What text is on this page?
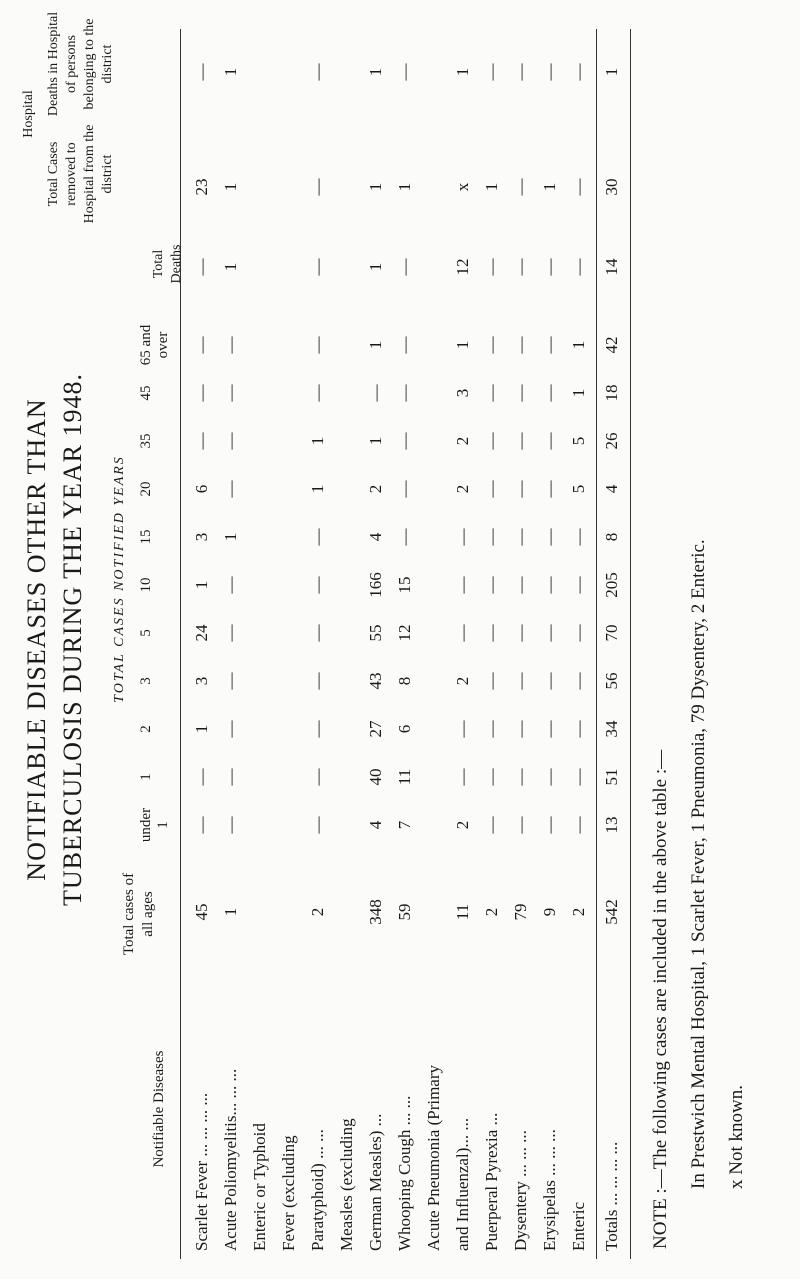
NOTIFIABLE DISEASES OTHER THAN TUBERCULOSIS DURING THE YEAR 1948.
Notifiable Diseases
Total cases of all ages
TOTAL CASES NOTIFIED YEARS
under 1
1
2
3
5
10
15
20
35
45
65 and over
Total Deaths
Hospital
Total Cases removed to Hospital from the district
Deaths in Hospital of persons belonging to the district
Scarlet Fever ... ... ... ...
45
—
—
1
3
24
1
3
6
—
—
—
—
23
—
Acute Poliomyelitis... ... ...
1
—
—
—
—
—
—
1
—
—
—
—
1
1
1
Enteric or Typhoid Fever (excluding Paratyphoid) ... ...
2
—
—
—
—
—
—
—
1
1
—
—
—
—
—
Measles (excluding German Measles) ...
348
4
40
27
43
55
166
4
2
1
—
1
1
1
1
Whooping Cough ... ...
59
7
11
6
8
12
15
—
—
—
—
—
—
1
—
Acute Pneumonia (Primary and Influenzal)... ...
11
2
—
—
2
—
—
—
2
2
3
1
12
x
1
Puerperal Pyrexia ...
2
—
—
—
—
—
—
—
—
—
—
—
—
1
—
Dysentery ... ... ...
79
—
—
—
—
—
—
—
—
—
—
—
—
—
—
Erysipelas ... ... ...
9
—
—
—
—
—
—
—
—
—
—
—
—
1
—
Enteric
2
—
—
—
—
—
—
—
5
5
1
1
—
—
—
Totals ... ... ... ...
542
13
51
34
56
70
205
8
4
26
18
42
14
30
1
NOTE :—The following cases are included in the above table :— In Prestwich Mental Hospital, 1 Scarlet Fever, 1 Pneumonia, 79 Dysentery, 2 Enteric. x Not known.
